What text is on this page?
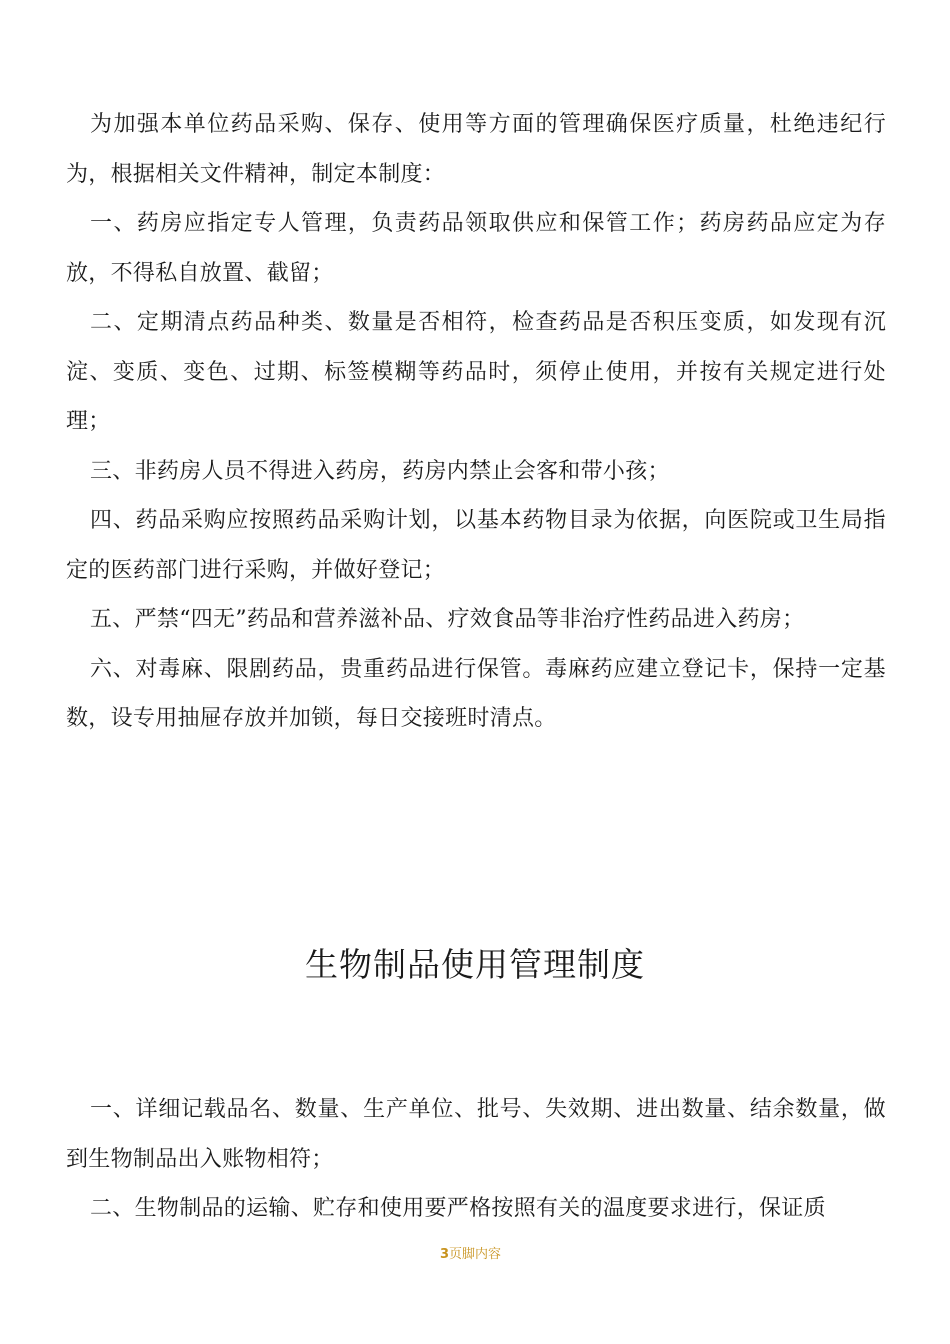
为加强本单位药品采购、保存、使用等方面的管理确保医疗质量，杜绝违纪行为，根据相关文件精神，制定本制度：

一、药房应指定专人管理，负责药品领取供应和保管工作；药房药品应定为存放，不得私自放置、截留；

二、定期清点药品种类、数量是否相符，检查药品是否积压变质，如发现有沉淀、变质、变色、过期、标签模糊等药品时，须停止使用，并按有关规定进行处理；

三、非药房人员不得进入药房，药房内禁止会客和带小孩；

四、药品采购应按照药品采购计划，以基本药物目录为依据，向医院或卫生局指定的医药部门进行采购，并做好登记；

五、严禁“四无”药品和营养滋补品、疗效食品等非治疗性药品进入药房；

六、对毒麻、限剧药品，贵重药品进行保管。毒麻药应建立登记卡，保持一定基数，设专用抽屉存放并加锁，每日交接班时清点。

生物制品使用管理制度

一、详细记载品名、数量、生产单位、批号、失效期、进出数量、结余数量，做到生物制品出入账物相符；

二、生物制品的运输、贮存和使用要严格按照有关的温度要求进行，保证质

3页脚内容
